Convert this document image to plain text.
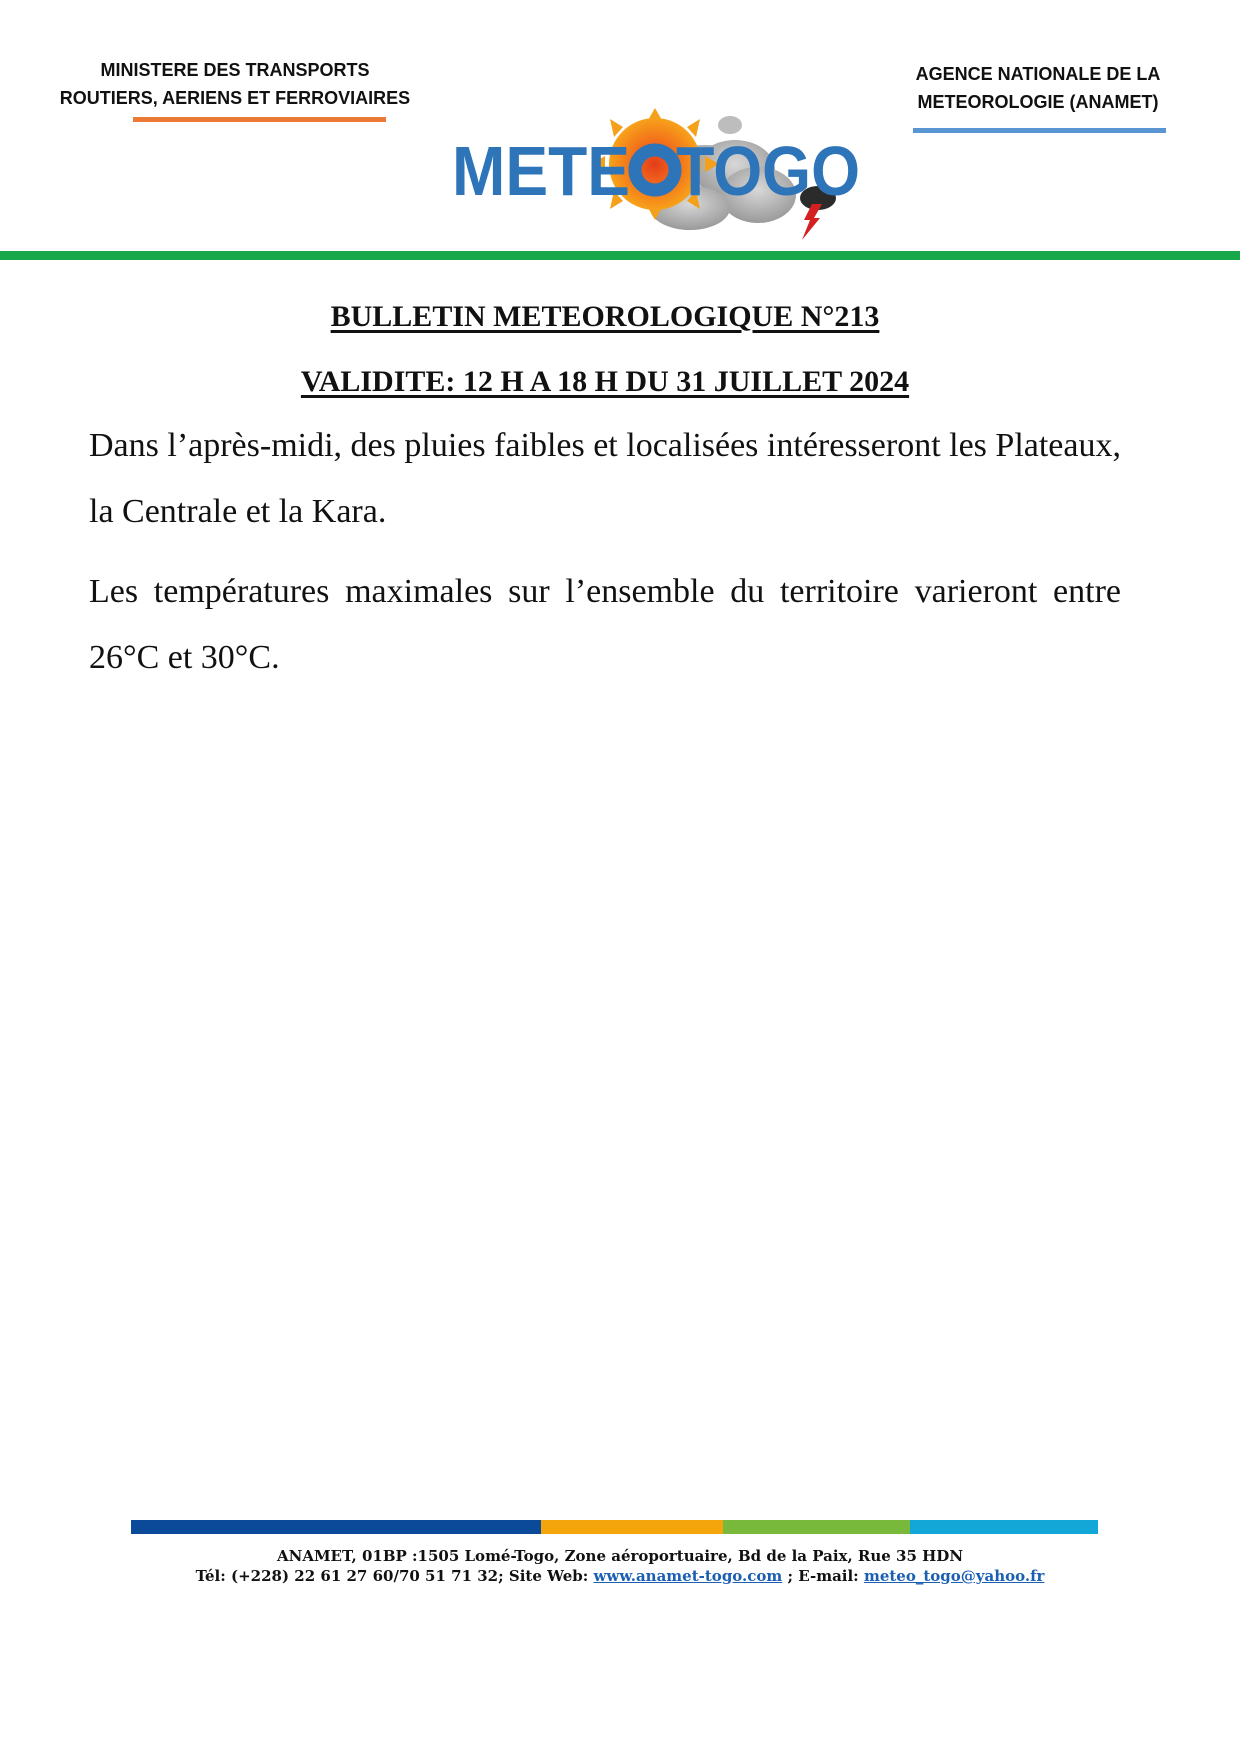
MINISTERE DES TRANSPORTS
ROUTIERS, AERIENS ET FERROVIAIRES
AGENCE NATIONALE DE LA
METEOROLOGIE (ANAMET)
METE TOGO
BULLETIN METEOROLOGIQUE N°213
VALIDITE: 12 H A 18 H DU 31 JUILLET 2024
Dans l’après-midi, des pluies faibles et localisées intéresseront les Plateaux, la Centrale et la Kara.
Les températures maximales sur l’ensemble du territoire varieront entre 26°C et 30°C.
ANAMET, 01BP :1505 Lomé-Togo, Zone aéroportuaire, Bd de la Paix, Rue 35 HDN
Tél: (+228) 22 61 27 60/70 51 71 32; Site Web: www.anamet-togo.com ; E-mail: meteo_togo@yahoo.fr
